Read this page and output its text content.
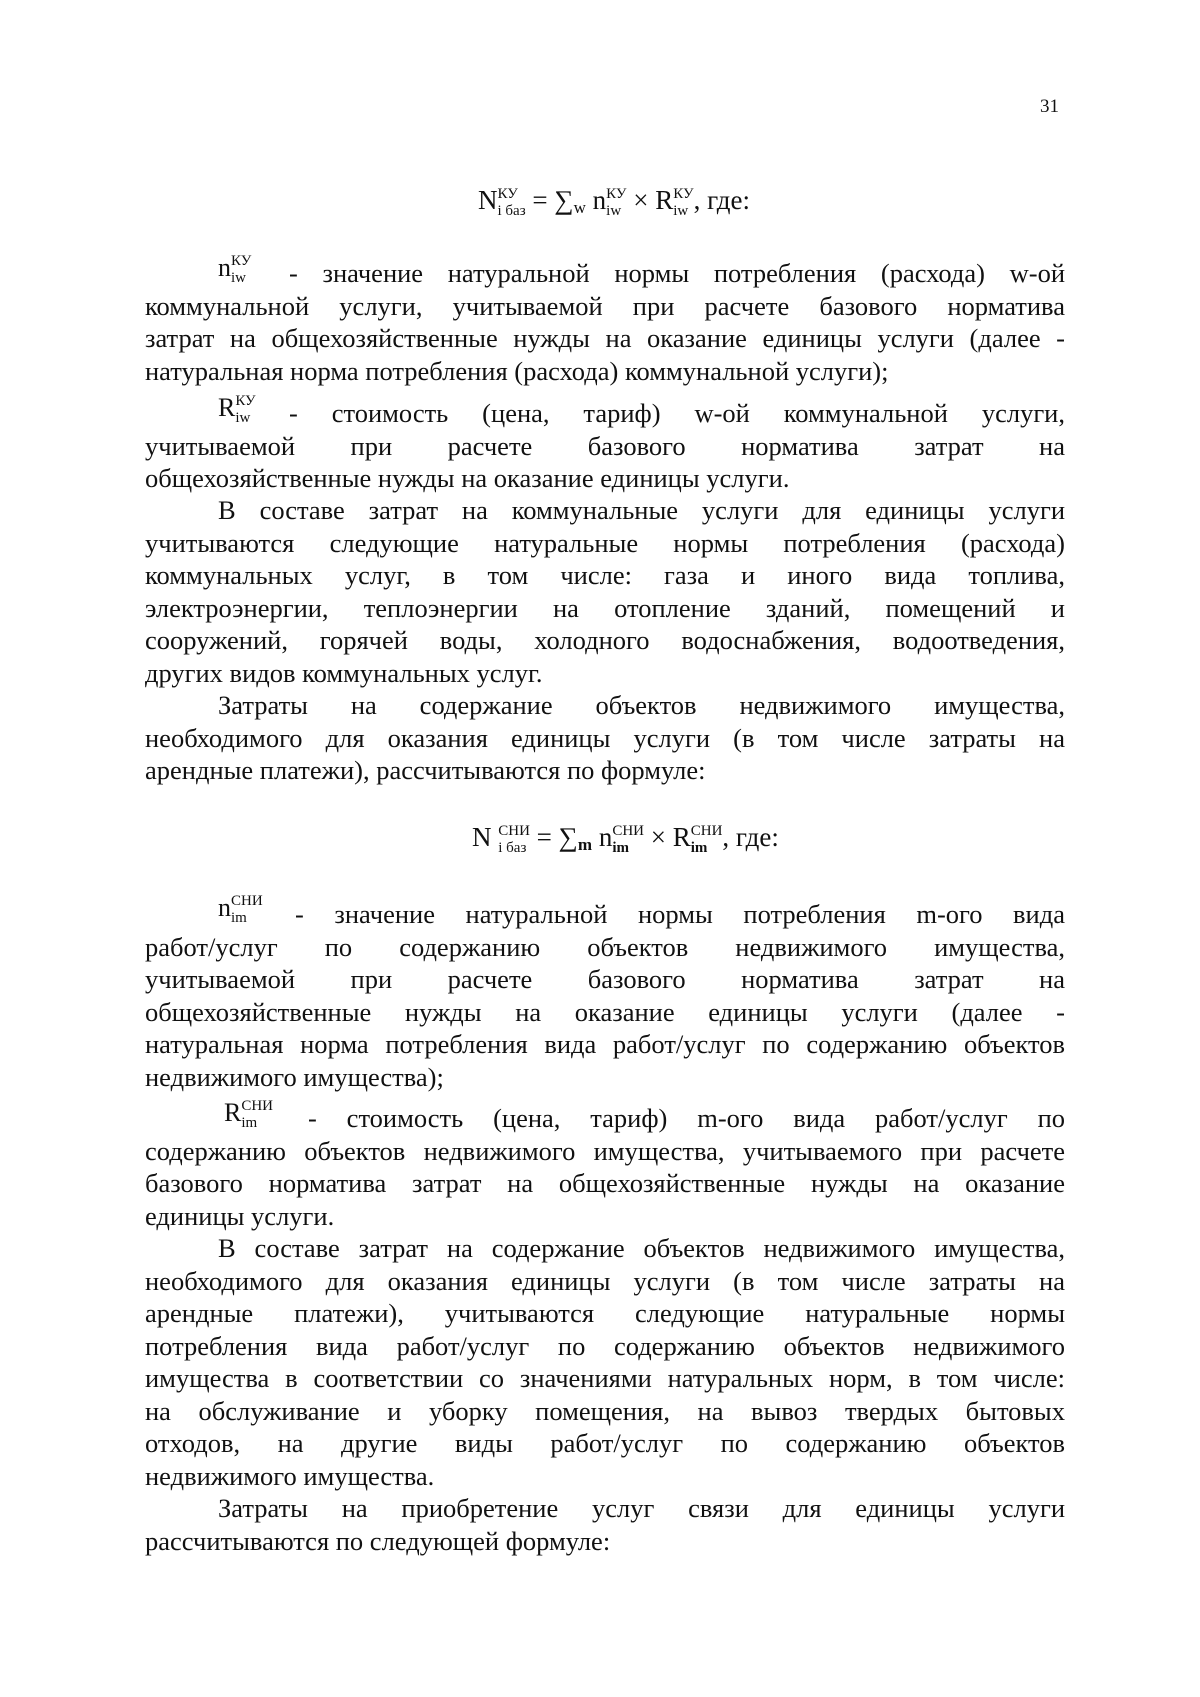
31
N КУ
i баз = ∑w n КУ
iw × R КУ
iw , где:
n КУ
iw	- значение натуральной нормы потребления (расхода) w-ой
коммунальной услуги, учитываемой при расчете базового норматива
затрат на общехозяйственные нужды на оказание единицы услуги (далее -
натуральная норма потребления (расхода) коммунальной услуги);
R КУ
iw	- стоимость (цена, тариф) w-ой коммунальной услуги,
учитываемой при расчете базового норматива затрат на
общехозяйственные нужды на оказание единицы услуги.
В составе затрат на коммунальные услуги для единицы услуги
учитываются следующие натуральные нормы потребления (расхода)
коммунальных услуг, в том числе: газа и иного вида топлива,
электроэнергии, теплоэнергии на отопление зданий, помещений и
сооружений, горячей воды, холодного водоснабжения, водоотведения,
других видов коммунальных услуг.
Затраты на содержание объектов недвижимого имущества,
необходимого для оказания единицы услуги (в том числе затраты на
арендные платежи), рассчитываются по формуле:
N СНИ
i баз = ∑m n СНИ
im × R СНИ
im , где:
n СНИ
im	- значение натуральной нормы потребления m-ого вида
работ/услуг по содержанию объектов недвижимого имущества,
учитываемой при расчете базового норматива затрат на
общехозяйственные нужды на оказание единицы услуги (далее -
натуральная норма потребления вида работ/услуг по содержанию объектов
недвижимого имущества);
R СНИ
im	- стоимость (цена, тариф) m-ого вида работ/услуг по
содержанию объектов недвижимого имущества, учитываемого при расчете
базового норматива затрат на общехозяйственные нужды на оказание
единицы услуги.
В составе затрат на содержание объектов недвижимого имущества,
необходимого для оказания единицы услуги (в том числе затраты на
арендные платежи), учитываются следующие натуральные нормы
потребления вида работ/услуг по содержанию объектов недвижимого
имущества в соответствии со значениями натуральных норм, в том числе:
на обслуживание и уборку помещения, на вывоз твердых бытовых
отходов, на другие виды работ/услуг по содержанию объектов
недвижимого имущества.
Затраты на приобретение услуг связи для единицы услуги
рассчитываются по следующей формуле:
